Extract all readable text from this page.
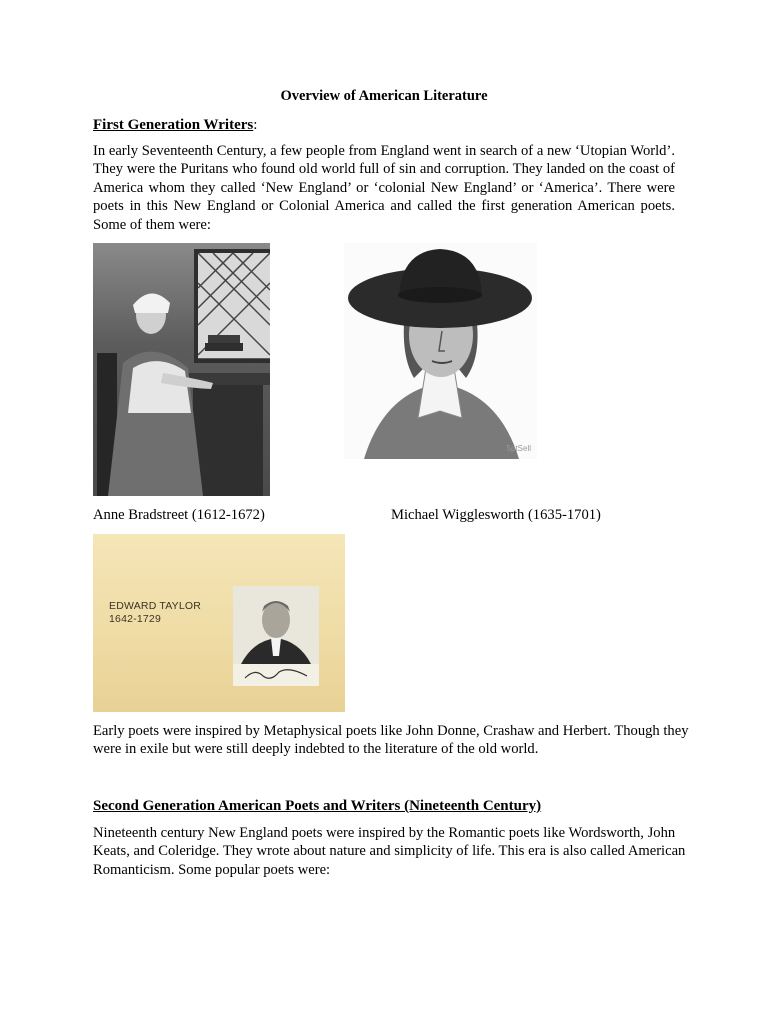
Overview of American Literature
First Generation Writers:

In early Seventeenth Century, a few people from England went in search of a new ‘Utopian World’. They were the Puritans who found old world full of sin and corruption. They landed on the coast of America whom they called ‘New England’ or ‘colonial New England’ or ‘America’. There were poets in this New England or Colonial America and called the first generation American poets. Some of them were:

5ptSell
Anne Bradstreet (1612-1672)	Michael Wigglesworth (1635-1701)
EDWARD TAYLOR
1642-1729

Early poets were inspired by Metaphysical poets like John Donne, Crashaw and Herbert. Though they were in exile but were still deeply indebted to the literature of the old world.

Second Generation American Poets and Writers (Nineteenth Century)

Nineteenth century New England poets were inspired by the Romantic poets like Wordsworth, John Keats, and Coleridge. They wrote about nature and simplicity of life. This era is also called American Romanticism. Some popular poets were:
